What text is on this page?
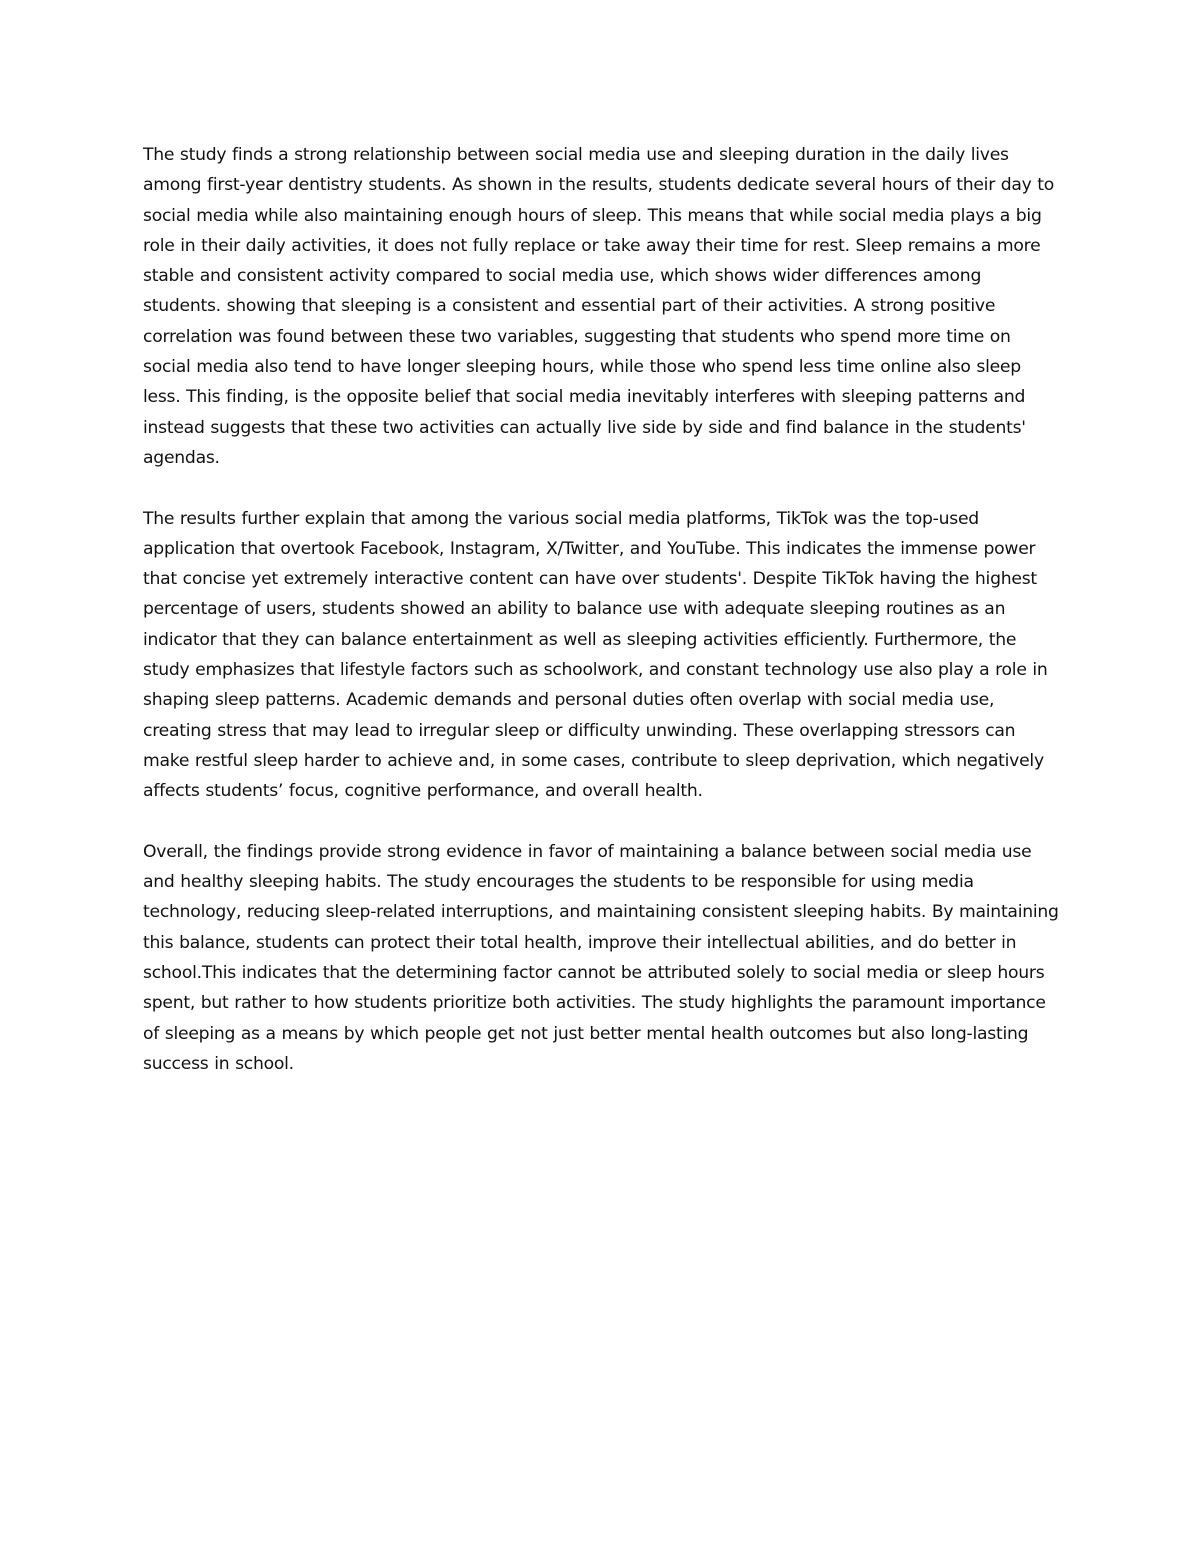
The study finds a strong relationship between social media use and sleeping duration in the daily lives among first-year dentistry students. As shown in the results, students dedicate several hours of their day to social media while also maintaining enough hours of sleep. This means that while social media plays a big role in their daily activities, it does not fully replace or take away their time for rest. Sleep remains a more stable and consistent activity compared to social media use, which shows wider differences among students. showing that sleeping is a consistent and essential part of their activities. A strong positive correlation was found between these two variables, suggesting that students who spend more time on social media also tend to have longer sleeping hours, while those who spend less time online also sleep less. This finding, is the opposite belief that social media inevitably interferes with sleeping patterns and instead suggests that these two activities can actually live side by side and find balance in the students' agendas.

The results further explain that among the various social media platforms, TikTok was the top-used application that overtook Facebook, Instagram, X/Twitter, and YouTube. This indicates the immense power that concise yet extremely interactive content can have over students'. Despite TikTok having the highest percentage of users, students showed an ability to balance use with adequate sleeping routines as an indicator that they can balance entertainment as well as sleeping activities efficiently. Furthermore, the study emphasizes that lifestyle factors such as schoolwork, and constant technology use also play a role in shaping sleep patterns. Academic demands and personal duties often overlap with social media use, creating stress that may lead to irregular sleep or difficulty unwinding. These overlapping stressors can make restful sleep harder to achieve and, in some cases, contribute to sleep deprivation, which negatively affects students’ focus, cognitive performance, and overall health.

Overall, the findings provide strong evidence in favor of maintaining a balance between social media use and healthy sleeping habits. The study encourages the students to be responsible for using media technology, reducing sleep-related interruptions, and maintaining consistent sleeping habits. By maintaining this balance, students can protect their total health, improve their intellectual abilities, and do better in school.This indicates that the determining factor cannot be attributed solely to social media or sleep hours spent, but rather to how students prioritize both activities. The study highlights the paramount importance of sleeping as a means by which people get not just better mental health outcomes but also long-lasting success in school.
